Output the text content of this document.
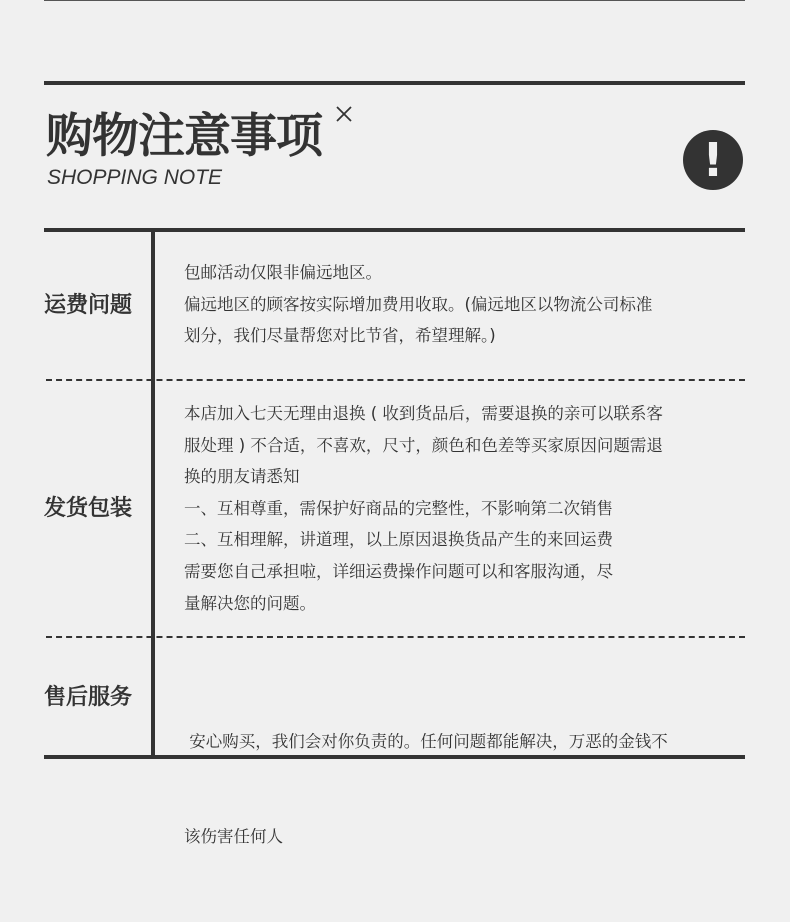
购物注意事项
SHOPPING NOTE	!
运费问题

包邮活动仅限非偏远地区。

偏远地区的顾客按实际增加费用收取。(偏远地区以物流公司标准

划分，我们尽量帮您对比节省，希望理解。)

发货包装

本店加入七天无理由退换 ( 收到货品后，需要退换的亲可以联系客

服处理 ) 不合适，不喜欢，尺寸，颜色和色差等买家原因问题需退

换的朋友请悉知

一、互相尊重，需保护好商品的完整性，不影响第二次销售

二、互相理解，讲道理，以上原因退换货品产生的来回运费

需要您自己承担啦，详细运费操作问题可以和客服沟通，尽

量解决您的问题。

售后服务

安心购买，我们会对你负责的。任何问题都能解决，万恶的金钱不

该伤害任何人
